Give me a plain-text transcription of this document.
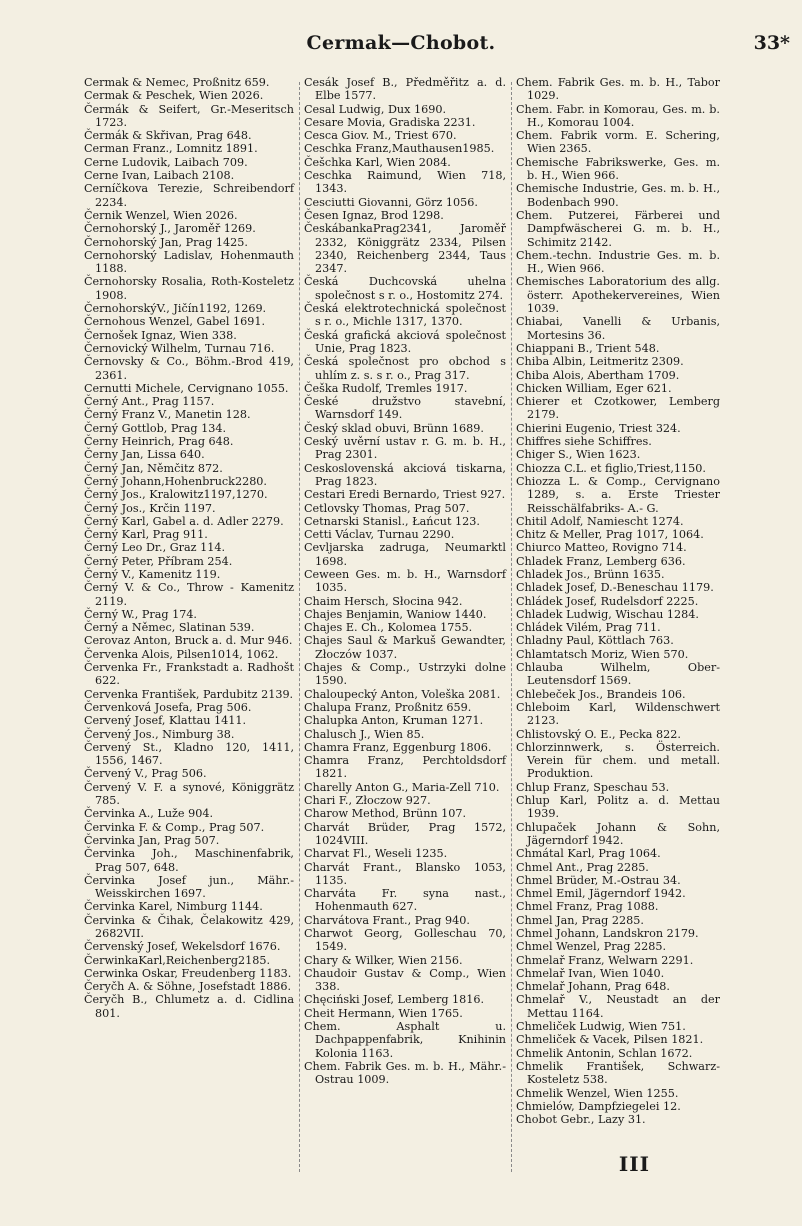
Cermak—Chobot.	33*
Cermak & Nemec, Proßnitz 659.
Cermak & Peschek, Wien 2026.
Čermák & Seifert, Gr.-Meseritsch 1723.
Čermák & Skřivan, Prag 648.
Cerman Franz., Lomnitz 1891.
Cerne Ludovik, Laibach 709.
Cerne Ivan, Laibach 2108.
Cerníčkova Terezie, Schreibendorf 2234.
Černik Wenzel, Wien 2026.
Černohorský J., Jaroměř 1269.
Černohorský Jan, Prag 1425.
Cernohorský Ladislav, Hohenmauth 1188.
Černohorsky Rosalia, Roth-Kosteletz 1908.
ČernohorskýV., Jičín1192, 1269.
Černohous Wenzel, Gabel 1691.
Černošek Ignaz, Wien 338.
Černovický Wilhelm, Turnau 716.
Černovsky & Co., Böhm.-Brod 419, 2361.
Cernutti Michele, Cervignano 1055.
Černý Ant., Prag 1157.
Černý Franz V., Manetin 128.
Černý Gottlob, Prag 134.
Černy Heinrich, Prag 648.
Černy Jan, Lissa 640.
Černý Jan, Němčitz 872.
Černý Johann,Hohenbruck2280.
Černý Jos., Kralowitz1197,1270.
Černý Jos., Krčin 1197.
Černý Karl, Gabel a. d. Adler 2279.
Černý Karl, Prag 911.
Černý Leo Dr., Graz 114.
Černý Peter, Příbram 254.
Černý V., Kamenitz 119.
Černý V. & Co., Throw - Kamenitz 2119.
Černý W., Prag 174.
Černý a Němec, Slatinan 539.
Cerovaz Anton, Bruck a. d. Mur 946.
Červenka Alois, Pilsen1014, 1062.
Červenka Fr., Frankstadt a. Radhošt 622.
Cervenka František, Pardubitz 2139.
Červenková Josefa, Prag 506.
Cervený Josef, Klattau 1411.
Červený Jos., Nimburg 38.
Červený St., Kladno 120, 1411, 1556, 1467.
Červený V., Prag 506.
Červený V. F. a synové, Königgrätz 785.
Červinka A., Luže 904.
Červinka F. & Comp., Prag 507.
Červinka Jan, Prag 507.
Červinka Joh., Maschinenfabrik, Prag 507, 648.
Červinka Josef jun., Mähr.-Weisskirchen 1697.
Červinka Karel, Nimburg 1144.
Červinka & Čihak, Čelakowitz 429, 2682VII.
Červenský Josef, Wekelsdorf 1676.
ČerwinkaKarl,Reichenberg2185.
Cerwinka Oskar, Freudenberg 1183.
Čeryčh A. & Söhne, Josefstadt 1886.
Čeryčh B., Chlumetz a. d. Cidlina 801.
Cesák Josef B., Předměřitz a. d. Elbe 1577.
Cesal Ludwig, Dux 1690.
Cesare Movia, Gradiska 2231.
Cesca Giov. M., Triest 670.
Ceschka Franz,Mauthausen1985.
Češchka Karl, Wien 2084.
Ceschka Raimund, Wien 718, 1343.
Cesciutti Giovanni, Görz 1056.
Česen Ignaz, Brod 1298.
ČeskábankaPrag2341, Jaroměř 2332, Königgrätz 2334, Pilsen 2340, Reichenberg 2344, Taus 2347.
Česká Duchcovská uhelna společnost s r. o., Hostomitz 274.
Česká elektrotechnická společnost s r. o., Michle 1317, 1370.
Česká grafická akciová společnost Unie, Prag 1823.
Česká společnost pro obchod s uhlím z. s. s r. o., Prag 317.
Češka Rudolf, Tremles 1917.
České družstvo stavební, Warnsdorf 149.
Český sklad obuvi, Brünn 1689.
Ceský uvěrní ustav r. G. m. b. H., Prag 2301.
Ceskoslovenská akciová tiskarna, Prag 1823.
Cestari Eredi Bernardo, Triest 927.
Cetlovsky Thomas, Prag 507.
Cetnarski Stanisl., Łańcut 123.
Cetti Václav, Turnau 2290.
Cevljarska zadruga, Neumarktl 1698.
Ceween Ges. m. b. H., Warnsdorf 1035.
Chaim Hersch, Słocina 942.
Chajes Benjamin, Waniow 1440.
Chajes E. Ch., Kolomea 1755.
Chajes Saul & Markuš Gewandter, Złoczów 1037.
Chajes & Comp., Ustrzyki dolne 1590.
Chaloupecký Anton, Voleška 2081.
Chalupa Franz, Proßnitz 659.
Chalupka Anton, Kruman 1271.
Chalusch J., Wien 85.
Chamra Franz, Eggenburg 1806.
Chamra Franz, Perchtoldsdorf 1821.
Charelly Anton G., Maria-Zell 710.
Chari F., Złoczow 927.
Charow Method, Brünn 107.
Charvát Brüder, Prag 1572, 1024VIII.
Charvat Fl., Weseli 1235.
Charvát Frant., Blansko 1053, 1135.
Charváta Fr. syna nast., Hohenmauth 627.
Charvátova Frant., Prag 940.
Charwot Georg, Golleschau 70, 1549.
Chary & Wilker, Wien 2156.
Chaudoir Gustav & Comp., Wien 338.
Chęciński Josef, Lemberg 1816.
Cheit Hermann, Wien 1765.
Chem. Asphalt u. Dachpappenfabrik, Knihinin Kolonia 1163.
Chem. Fabrik Ges. m. b. H., Mähr.-Ostrau 1009.
Chem. Fabrik Ges. m. b. H., Tabor 1029.
Chem. Fabr. in Komorau, Ges. m. b. H., Komorau 1004.
Chem. Fabrik vorm. E. Schering, Wien 2365.
Chemische Fabrikswerke, Ges. m. b. H., Wien 966.
Chemische Industrie, Ges. m. b. H., Bodenbach 990.
Chem. Putzerei, Färberei und Dampfwäscherei G. m. b. H., Schimitz 2142.
Chem.-techn. Industrie Ges. m. b. H., Wien 966.
Chemisches Laboratorium des allg. österr. Apothekervereines, Wien 1039.
Chiabai, Vanelli & Urbanis, Mortesins 36.
Chiappani B., Trient 548.
Chiba Albin, Leitmeritz 2309.
Chiba Alois, Abertham 1709.
Chicken William, Eger 621.
Chierer et Czotkower, Lemberg 2179.
Chierini Eugenio, Triest 324.
Chiffres siehe Schiffres.
Chiger S., Wien 1623.
Chiozza C.L. et figlio,Triest,1150.
Chiozza L. & Comp., Cervignano 1289, s. a. Erste Triester Reisschälfabriks- A.- G.
Chitil Adolf, Namiescht 1274.
Chitz & Meller, Prag 1017, 1064.
Chiurco Matteo, Rovigno 714.
Chladek Franz, Lemberg 636.
Chladek Jos., Brünn 1635.
Chladek Josef, D.-Beneschau 1179.
Chládek Josef, Rudelsdorf 2225.
Chladek Ludwig, Wischau 1284.
Chládek Vilém, Prag 711.
Chladny Paul, Köttlach 763.
Chlamtatsch Moriz, Wien 570.
Chlauba Wilhelm, Ober-Leutensdorf 1569.
Chlebeček Jos., Brandeis 106.
Chleboim Karl, Wildenschwert 2123.
Chlistovský O. E., Pecka 822.
Chlorzinnwerk, s. Österreich. Verein für chem. und metall. Produktion.
Chlup Franz, Speschau 53.
Chlup Karl, Politz a. d. Mettau 1939.
Chlupaček Johann & Sohn, Jägerndorf 1942.
Chmátal Karl, Prag 1064.
Chmel Ant., Prag 2285.
Chmel Brüder, M.-Ostrau 34.
Chmel Emil, Jägerndorf 1942.
Chmel Franz, Prag 1088.
Chmel Jan, Prag 2285.
Chmel Johann, Landskron 2179.
Chmel Wenzel, Prag 2285.
Chmelař Franz, Welwarn 2291.
Chmelař Ivan, Wien 1040.
Chmelař Johann, Prag 648.
Chmelař V., Neustadt an der Mettau 1164.
Chmeliček Ludwig, Wien 751.
Chmeliček & Vacek, Pilsen 1821.
Chmelik Antonin, Schlan 1672.
Chmelik František, Schwarz-Kosteletz 538.
Chmelik Wenzel, Wien 1255.
Chmielów, Dampfziegelei 12.
Chobot Gebr., Lazy 31.
III
